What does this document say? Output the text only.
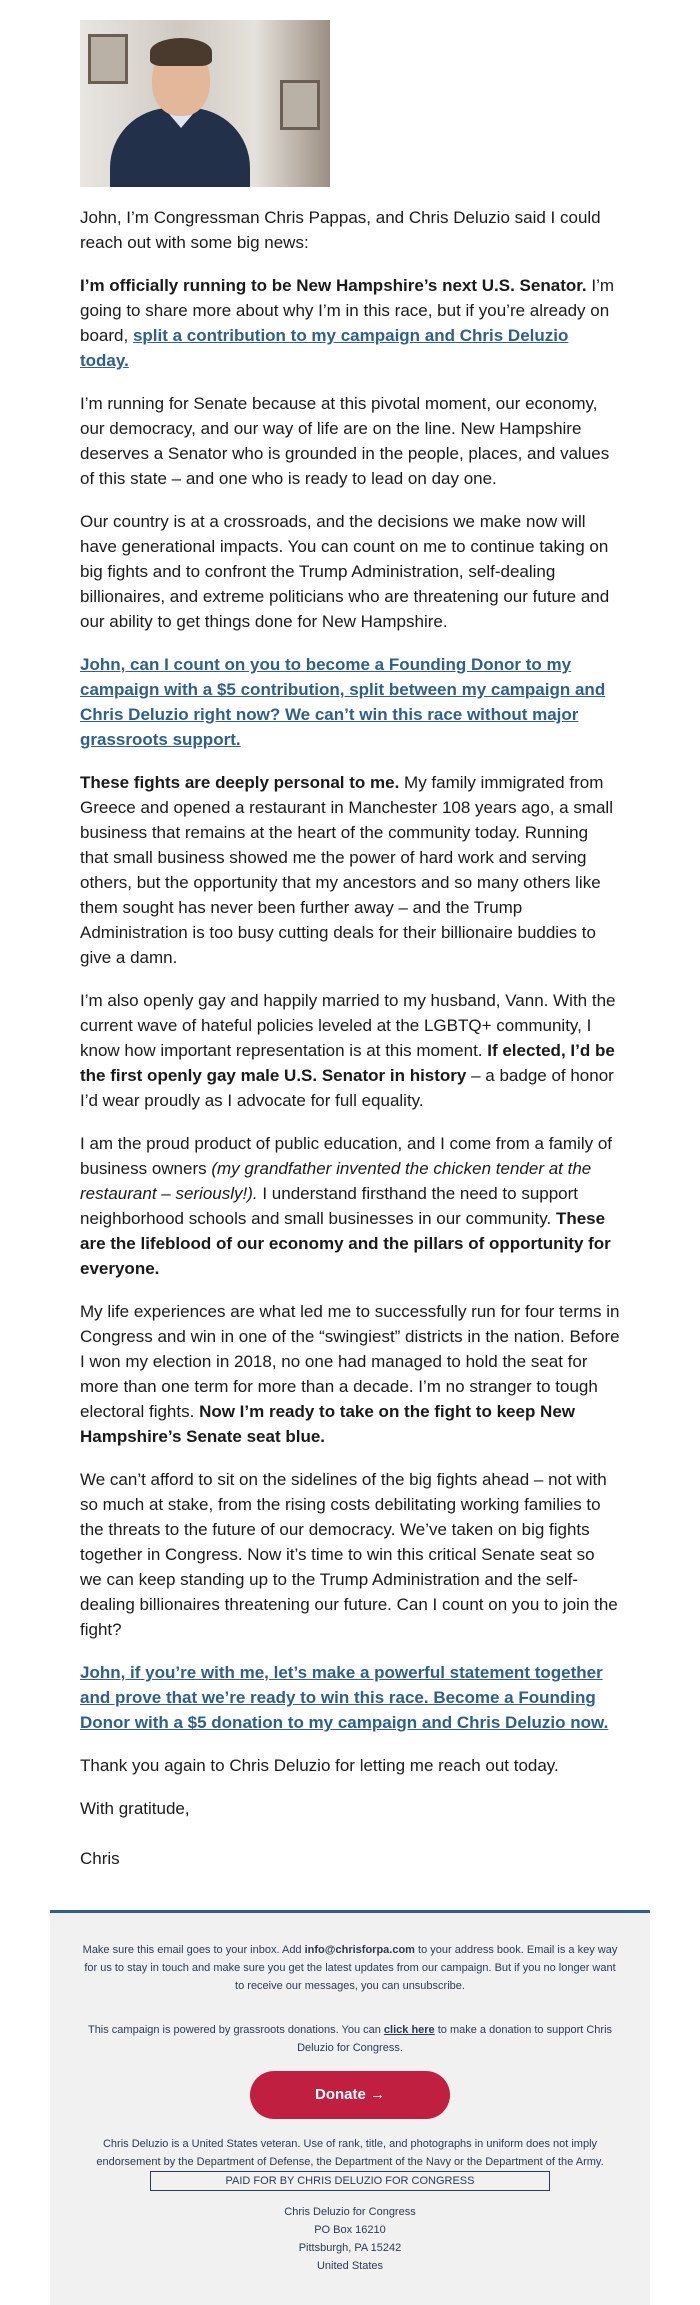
John, I’m Congressman Chris Pappas, and Chris Deluzio said I could reach out with some big news:

I’m officially running to be New Hampshire’s next U.S. Senator. I’m going to share more about why I’m in this race, but if you’re already on board, split a contribution to my campaign and Chris Deluzio today.

I’m running for Senate because at this pivotal moment, our economy, our democracy, and our way of life are on the line. New Hampshire deserves a Senator who is grounded in the people, places, and values of this state – and one who is ready to lead on day one.

Our country is at a crossroads, and the decisions we make now will have generational impacts. You can count on me to continue taking on big fights and to confront the Trump Administration, self-dealing billionaires, and extreme politicians who are threatening our future and our ability to get things done for New Hampshire.

John, can I count on you to become a Founding Donor to my campaign with a $5 contribution, split between my campaign and Chris Deluzio right now? We can’t win this race without major grassroots support.

These fights are deeply personal to me. My family immigrated from Greece and opened a restaurant in Manchester 108 years ago, a small business that remains at the heart of the community today. Running that small business showed me the power of hard work and serving others, but the opportunity that my ancestors and so many others like them sought has never been further away – and the Trump Administration is too busy cutting deals for their billionaire buddies to give a damn.

I’m also openly gay and happily married to my husband, Vann. With the current wave of hateful policies leveled at the LGBTQ+ community, I know how important representation is at this moment. If elected, I’d be the first openly gay male U.S. Senator in history – a badge of honor I’d wear proudly as I advocate for full equality.

I am the proud product of public education, and I come from a family of business owners (my grandfather invented the chicken tender at the restaurant – seriously!). I understand firsthand the need to support neighborhood schools and small businesses in our community. These are the lifeblood of our economy and the pillars of opportunity for everyone.

My life experiences are what led me to successfully run for four terms in Congress and win in one of the “swingiest” districts in the nation. Before I won my election in 2018, no one had managed to hold the seat for more than one term for more than a decade. I’m no stranger to tough electoral fights. Now I’m ready to take on the fight to keep New Hampshire’s Senate seat blue.

We can’t afford to sit on the sidelines of the big fights ahead – not with so much at stake, from the rising costs debilitating working families to the threats to the future of our democracy. We’ve taken on big fights together in Congress. Now it’s time to win this critical Senate seat so we can keep standing up to the Trump Administration and the self-dealing billionaires threatening our future. Can I count on you to join the fight?

John, if you’re with me, let’s make a powerful statement together and prove that we’re ready to win this race. Become a Founding Donor with a $5 donation to my campaign and Chris Deluzio now.

Thank you again to Chris Deluzio for letting me reach out today.

With gratitude,

Chris

Make sure this email goes to your inbox. Add info@chrisforpa.com to your address book. Email is a key way for us to stay in touch and make sure you get the latest updates from our campaign. But if you no longer want to receive our messages, you can unsubscribe.

This campaign is powered by grassroots donations. You can click here to make a donation to support Chris Deluzio for Congress.

Donate →

Chris Deluzio is a United States veteran. Use of rank, title, and photographs in uniform does not imply endorsement by the Department of Defense, the Department of the Navy or the Department of the Army.

PAID FOR BY CHRIS DELUZIO FOR CONGRESS
Chris Deluzio for Congress
PO Box 16210
Pittsburgh, PA 15242
United States
